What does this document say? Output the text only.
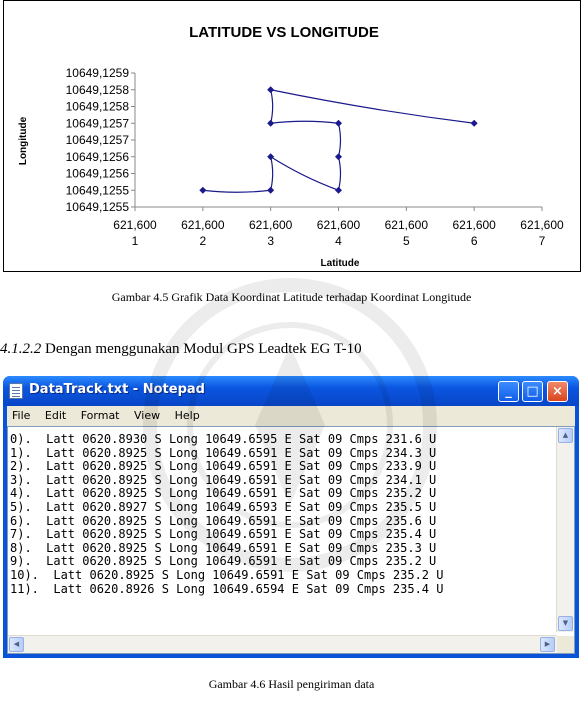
LATITUDE VS LONGITUDE
10649,1259
10649,1258
10649,1258
10649,1257
10649,1257
10649,1256
10649,1256
10649,1255
10649,1255
621,600
1
621,600
2
621,600
3
621,600
4
621,600
5
621,600
6
621,600
7
Latitude
Longitude
Gambar 4.5 Grafik Data Koordinat Latitude terhadap Koordinat Longitude
4.1.2.2 Dengan menggunakan Modul GPS Leadtek EG T-10
DataTrack.txt - Notepad	_	□	×
File Edit Format View Help
0).  Latt 0620.8930 S Long 10649.6595 E Sat 09 Cmps 231.6 U
1).  Latt 0620.8925 S Long 10649.6591 E Sat 09 Cmps 234.3 U
2).  Latt 0620.8925 S Long 10649.6591 E Sat 09 Cmps 233.9 U
3).  Latt 0620.8925 S Long 10649.6591 E Sat 09 Cmps 234.1 U
4).  Latt 0620.8925 S Long 10649.6591 E Sat 09 Cmps 235.2 U
5).  Latt 0620.8927 S Long 10649.6593 E Sat 09 Cmps 235.5 U
6).  Latt 0620.8925 S Long 10649.6591 E Sat 09 Cmps 235.6 U
7).  Latt 0620.8925 S Long 10649.6591 E Sat 09 Cmps 235.4 U
8).  Latt 0620.8925 S Long 10649.6591 E Sat 09 Cmps 235.3 U
9).  Latt 0620.8925 S Long 10649.6591 E Sat 09 Cmps 235.2 U
10).  Latt 0620.8925 S Long 10649.6591 E Sat 09 Cmps 235.2 U
11).  Latt 0620.8926 S Long 10649.6594 E Sat 09 Cmps 235.4 U
▲
▼
◀	▶
Gambar 4.6 Hasil pengiriman data
